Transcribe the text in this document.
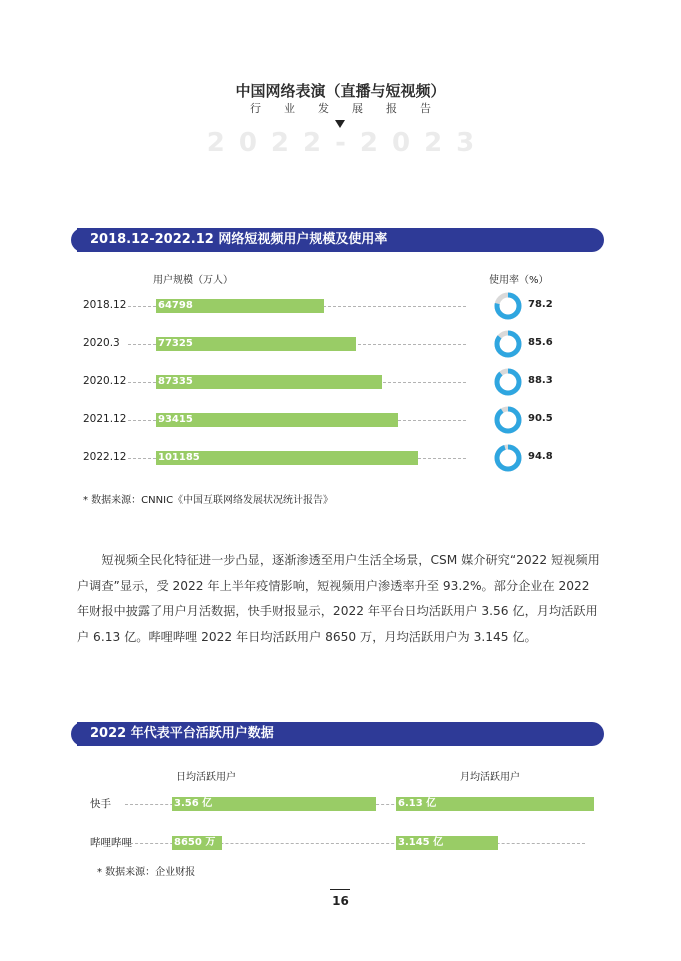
中国网络表演（直播与短视频）
行业发展报告
2022-2023
2018.12-2022.12 网络短视频用户规模及使用率
用户规模（万人）	使用率（%）
2018.12	64798	78.2
2020.3	77325	85.6
2020.12	87335	88.3
2021.12	93415	90.5
2022.12	101185	94.8
* 数据来源：CNNIC《中国互联网络发展状况统计报告》
短视频全民化特征进一步凸显，逐渐渗透至用户生活全场景，CSM 媒介研究“2022 短视频用户调查”显示，受 2022 年上半年疫情影响，短视频用户渗透率升至 93.2%。部分企业在 2022 年财报中披露了用户月活数据，快手财报显示，2022 年平台日均活跃用户 3.56 亿，月均活跃用户 6.13 亿。哔哩哔哩 2022 年日均活跃用户 8650 万，月均活跃用户为 3.145 亿。
2022 年代表平台活跃用户数据
日均活跃用户	月均活跃用户
快手	3.56 亿	6.13 亿
哔哩哔哩	8650 万	3.145 亿
* 数据来源：企业财报
16
